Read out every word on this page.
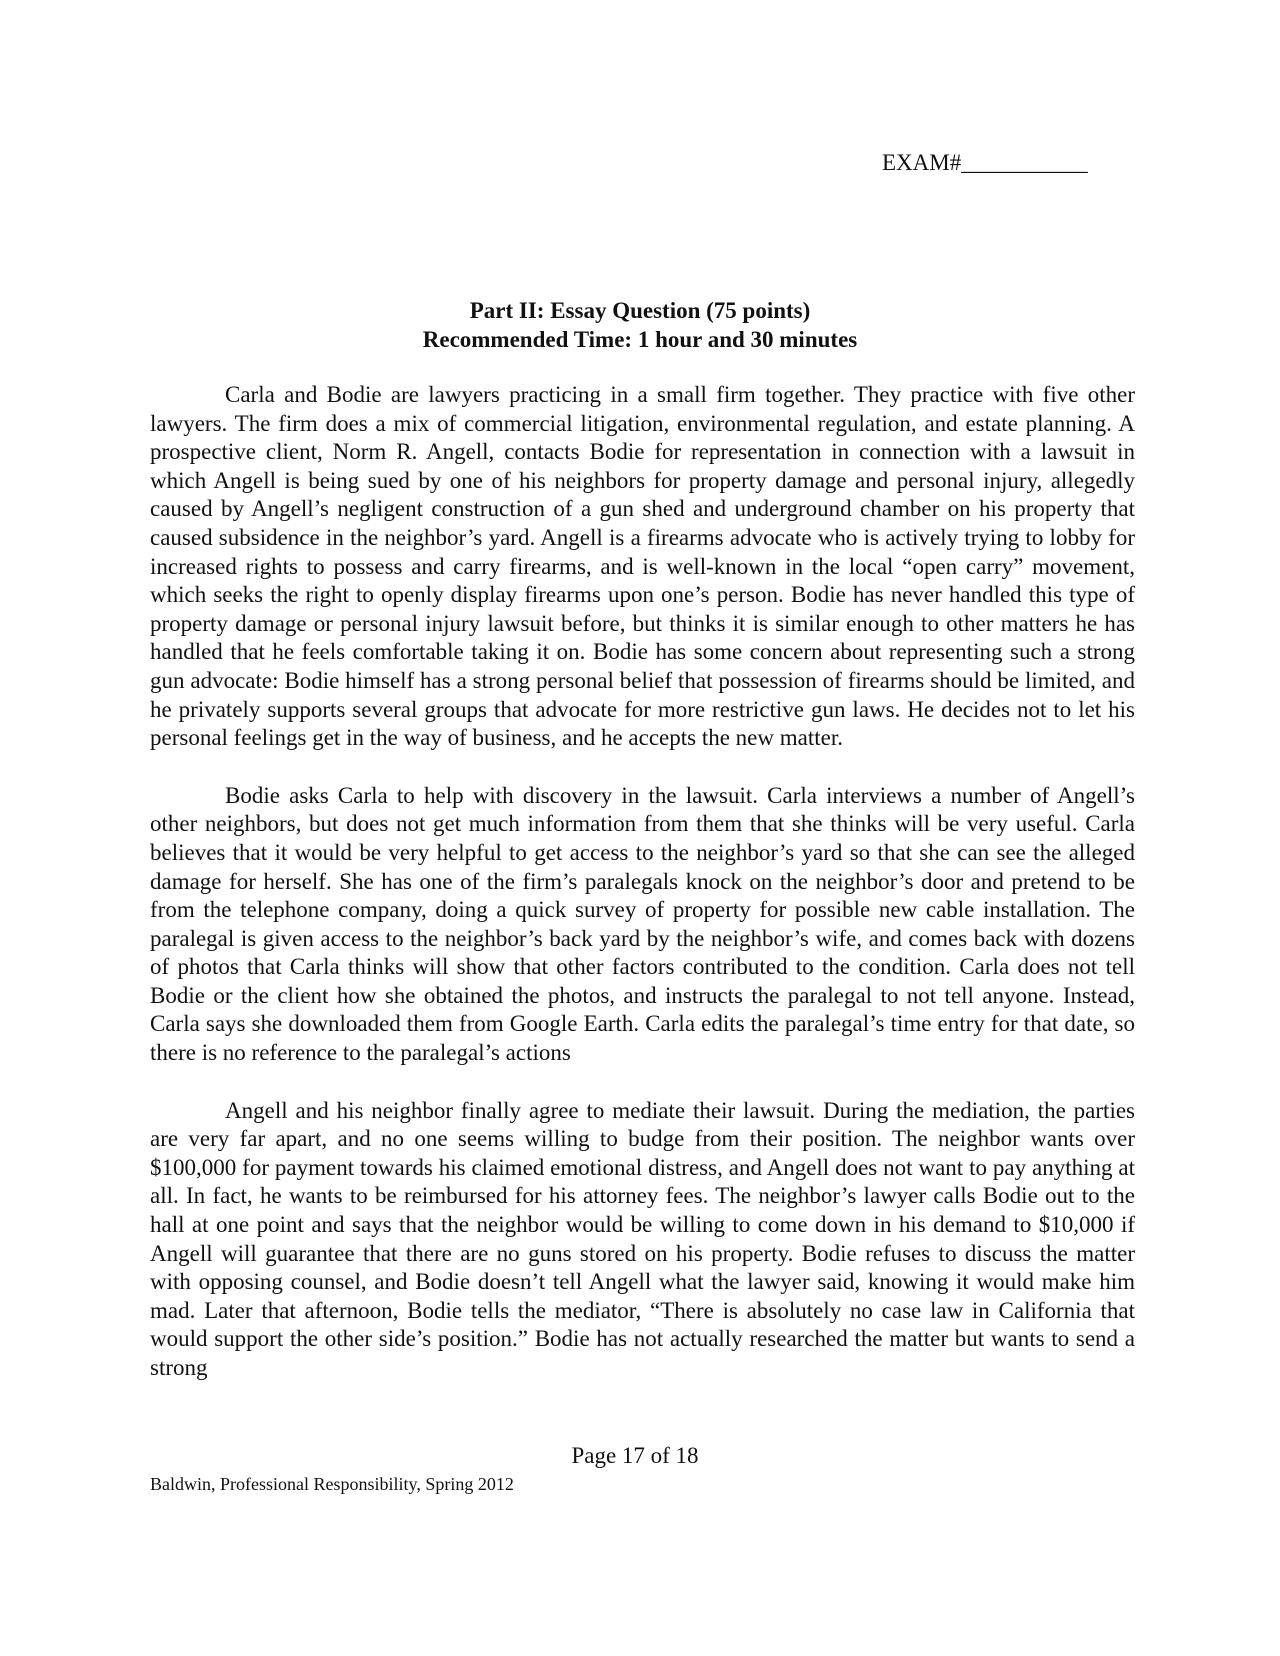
EXAM#___________
Part II: Essay Question (75 points)
Recommended Time: 1 hour and 30 minutes

Carla and Bodie are lawyers practicing in a small firm together. They practice with five other lawyers. The firm does a mix of commercial litigation, environmental regulation, and estate planning. A prospective client, Norm R. Angell, contacts Bodie for representation in connection with a lawsuit in which Angell is being sued by one of his neighbors for property damage and personal injury, allegedly caused by Angell’s negligent construction of a gun shed and underground chamber on his property that caused subsidence in the neighbor’s yard. Angell is a firearms advocate who is actively trying to lobby for increased rights to possess and carry firearms, and is well-known in the local “open carry” movement, which seeks the right to openly display firearms upon one’s person. Bodie has never handled this type of property damage or personal injury lawsuit before, but thinks it is similar enough to other matters he has handled that he feels comfortable taking it on. Bodie has some concern about representing such a strong gun advocate: Bodie himself has a strong personal belief that possession of firearms should be limited, and he privately supports several groups that advocate for more restrictive gun laws. He decides not to let his personal feelings get in the way of business, and he accepts the new matter.

Bodie asks Carla to help with discovery in the lawsuit. Carla interviews a number of Angell’s other neighbors, but does not get much information from them that she thinks will be very useful. Carla believes that it would be very helpful to get access to the neighbor’s yard so that she can see the alleged damage for herself. She has one of the firm’s paralegals knock on the neighbor’s door and pretend to be from the telephone company, doing a quick survey of property for possible new cable installation. The paralegal is given access to the neighbor’s back yard by the neighbor’s wife, and comes back with dozens of photos that Carla thinks will show that other factors contributed to the condition. Carla does not tell Bodie or the client how she obtained the photos, and instructs the paralegal to not tell anyone. Instead, Carla says she downloaded them from Google Earth. Carla edits the paralegal’s time entry for that date, so there is no reference to the paralegal’s actions

Angell and his neighbor finally agree to mediate their lawsuit. During the mediation, the parties are very far apart, and no one seems willing to budge from their position. The neighbor wants over $100,000 for payment towards his claimed emotional distress, and Angell does not want to pay anything at all. In fact, he wants to be reimbursed for his attorney fees. The neighbor’s lawyer calls Bodie out to the hall at one point and says that the neighbor would be willing to come down in his demand to $10,000 if Angell will guarantee that there are no guns stored on his property. Bodie refuses to discuss the matter with opposing counsel, and Bodie doesn’t tell Angell what the lawyer said, knowing it would make him mad. Later that afternoon, Bodie tells the mediator, “There is absolutely no case law in California that would support the other side’s position.” Bodie has not actually researched the matter but wants to send a strong

Page 17 of 18
Baldwin, Professional Responsibility, Spring 2012
